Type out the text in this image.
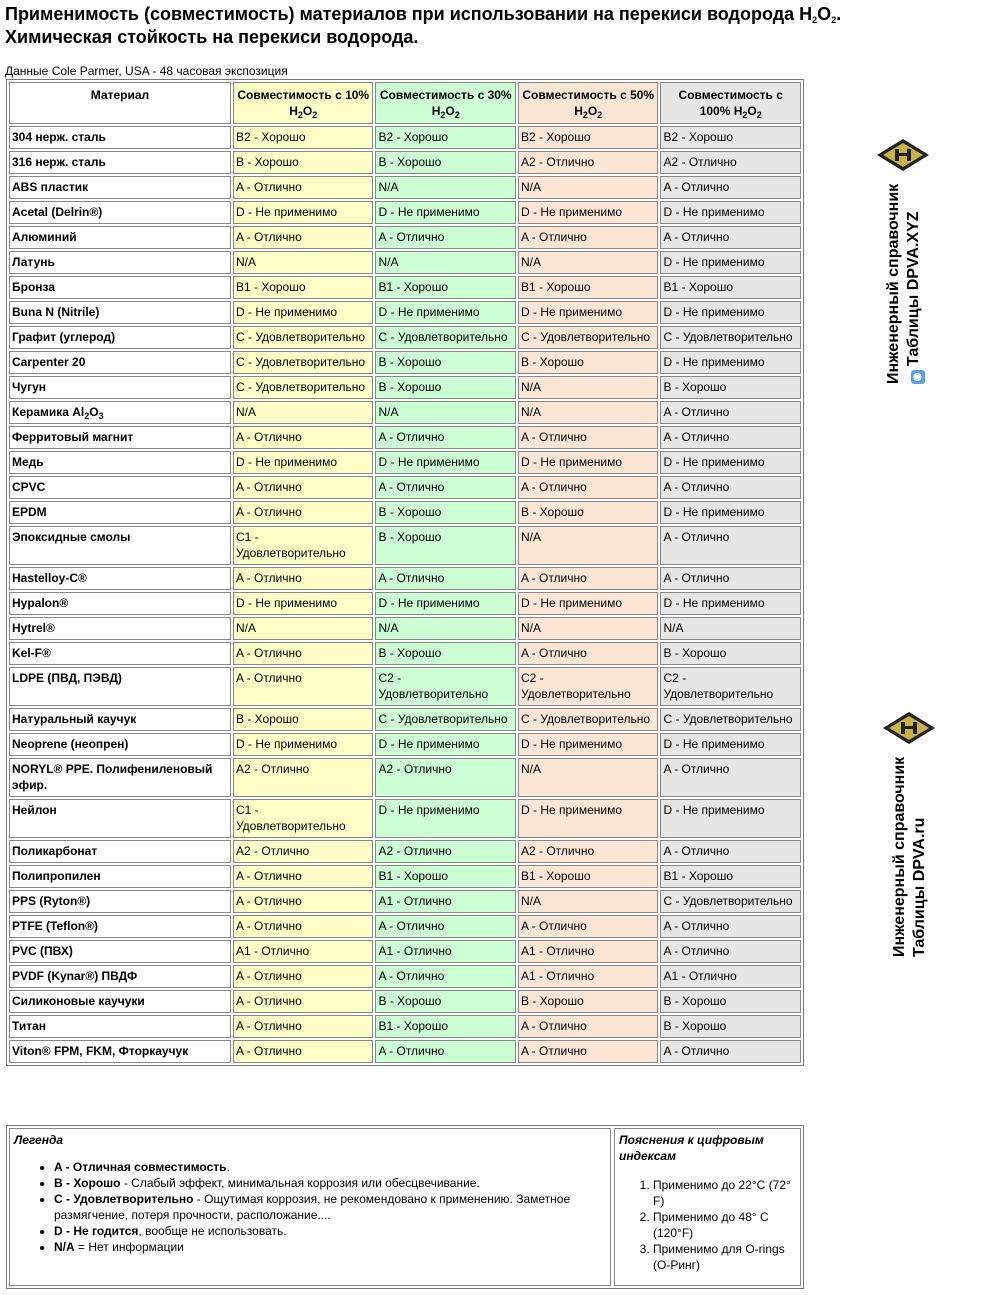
Применимость (совместимость) материалов при использовании на перекиси водорода $H_2O_2$.
Химическая стойкость на перекиси водорода.
Данные Cole Parmer, USA - 48 часовая экспозиция
Материал	Совместимость с 10% $H_2O_2$	Совместимость с 30% $H_2O_2$	Совместимость с 50% $H_2O_2$	Совместимость с 100% $H_2O_2$
304 нерж. сталь	B2 - Хорошо	B2 - Хорошо	B2 - Хорошо	B2 - Хорошо
316 нерж. сталь	B - Хорошо	B - Хорошо	A2 - Отлично	A2 - Отлично
ABS пластик	A - Отлично	N/A	N/A	A - Отлично
Acetal (Delrin®)	D - Не применимо	D - Не применимо	D - Не применимо	D - Не применимо
Алюминий	A - Отлично	A - Отлично	A - Отлично	A - Отлично
Латунь	N/A	N/A	N/A	D - Не применимо
Бронза	B1 - Хорошо	B1 - Хорошо	B1 - Хорошо	B1 - Хорошо
Buna N (Nitrile)	D - Не применимо	D - Не применимо	D - Не применимо	D - Не применимо
Графит (углерод)	C - Удовлетворительно	C - Удовлетворительно	C - Удовлетворительно	C - Удовлетворительно
Carpenter 20	C - Удовлетворительно	B - Хорошо	B - Хорошо	D - Не применимо
Чугун	C - Удовлетворительно	B - Хорошо	N/A	B - Хорошо
Керамика $Al_2O_3$	N/A	N/A	N/A	A - Отлично
Ферритовый магнит	A - Отлично	A - Отлично	A - Отлично	A - Отлично
Медь	D - Не применимо	D - Не применимо	D - Не применимо	D - Не применимо
CPVC	A - Отлично	A - Отлично	A - Отлично	A - Отлично
EPDM	A - Отлично	B - Хорошо	B - Хорошо	D - Не применимо
Эпоксидные смолы	C1 - Удовлетворительно	B - Хорошо	N/A	A - Отлично
Hastelloy-C®	A - Отлично	A - Отлично	A - Отлично	A - Отлично
Hypalon®	D - Не применимо	D - Не применимо	D - Не применимо	D - Не применимо
Hytrel®	N/A	N/A	N/A	N/A
Kel-F®	A - Отлично	B - Хорошо	A - Отлично	B - Хорошо
LDPE (ПВД, ПЭВД)	A - Отлично	C2 - Удовлетворительно	C2 - Удовлетворительно	C2 - Удовлетворительно
Натуральный каучук	B - Хорошо	C - Удовлетворительно	C - Удовлетворительно	C - Удовлетворительно
Neoprene (неопрен)	D - Не применимо	D - Не применимо	D - Не применимо	D - Не применимо
NORYL® PPE. Полифениленовый эфир.	A2 - Отлично	A2 - Отлично	N/A	A - Отлично
Нейлон	C1 - Удовлетворительно	D - Не применимо	D - Не применимо	D - Не применимо
Поликарбонат	A2 - Отлично	A2 - Отлично	A2 - Отлично	A - Отлично
Полипропилен	A - Отлично	B1 - Хорошо	B1 - Хорошо	B1 - Хорошо
PPS (Ryton®)	A - Отлично	A1 - Отлично	N/A	C - Удовлетворительно
PTFE (Teflon®)	A - Отлично	A - Отлично	A - Отлично	A - Отлично
PVC (ПВХ)	A1 - Отлично	A1 - Отлично	A1 - Отлично	A - Отлично
PVDF (Kynar®) ПВДФ	A - Отлично	A - Отлично	A1 - Отлично	A1 - Отлично
Силиконовые каучуки	A - Отлично	B - Хорошо	B - Хорошо	B - Хорошо
Титан	A - Отлично	B1 - Хорошо	A - Отлично	B - Хорошо
Viton® FPM, FKM, Фторкаучук	A - Отлично	A - Отлично	A - Отлично	A - Отлично
Легенда
• A - Отличная совместимость.
• B - Хорошо - Слабый эффект, минимальная коррозия или обесцвечивание.
• C - Удовлетворительно - Ощутимая коррозия, не рекомендовано к применению. Заметное размягчение, потеря прочности, расположание....
• D - Не годится, вообще не использовать.
• N/A = Нет информации
Пояснения к цифровым индексам
1. Применимо до 22°C (72° F)
2. Применимо до 48° C (120°F)
3. Применимо для O-rings (О-Ринг)
Инженерный справочник	◉Таблицы DPVA.XYZ
Инженерный справочник Таблицы DPVA.ru
